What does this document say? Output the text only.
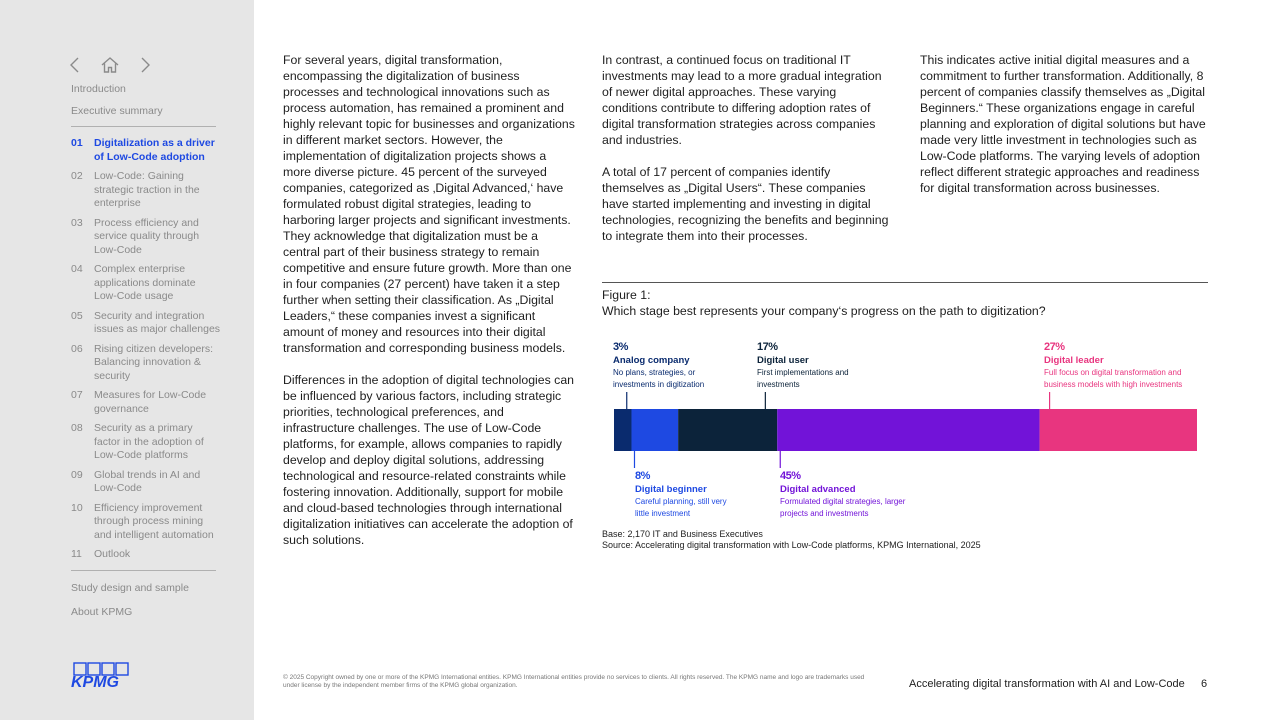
Introduction
Executive summary
01	Digitalization as a driver of Low-Code adoption
02	Low-Code: Gaining strategic traction in the enterprise
03	Process efficiency and service quality through Low-Code
04	Complex enterprise applications dominate Low-Code usage
05	Security and integration issues as major challenges
06	Rising citizen developers: Balancing innovation & security
07	Measures for Low-Code governance
08	Security as a primary factor in the adoption of Low-Code platforms
09	Global trends in AI and Low-Code
10	Efficiency improvement through process mining and intelligent automation
11	Outlook
Study design and sample
About KPMG
KPMG

For several years, digital transformation, encompassing the digitalization of business processes and technological innovations such as process automation, has remained a prominent and highly relevant topic for businesses and organizations in different market sectors. However, the implementation of digitalization projects shows a more diverse picture. 45 percent of the surveyed companies, categorized as ‚Digital Advanced,‘ have formulated robust digital strategies, leading to harboring larger projects and significant investments. They acknowledge that digitalization must be a central part of their business strategy to remain competitive and ensure future growth. More than one in four companies (27 percent) have taken it a step further when setting their classification. As „Digital Leaders,“ these companies invest a significant amount of money and resources into their digital transformation and corresponding business models.

Differences in the adoption of digital technologies can be influenced by various factors, including strategic priorities, technological preferences, and infrastructure challenges. The use of Low-Code platforms, for example, allows companies to rapidly develop and deploy digital solutions, addressing technological and resource-related constraints while fostering innovation. Additionally, support for mobile and cloud-based technologies through international digitalization initiatives can accelerate the adoption of such solutions.

In contrast, a continued focus on traditional IT investments may lead to a more gradual integration of newer digital approaches. These varying conditions contribute to differing adoption rates of digital transformation strategies across companies and industries.

A total of 17 percent of companies identify themselves as „Digital Users“. These companies have started implementing and investing in digital technologies, recognizing the benefits and beginning to integrate them into their processes.

This indicates active initial digital measures and a commitment to further transformation. Additionally, 8 percent of companies classify themselves as „Digital Beginners.“ These organizations engage in careful planning and exploration of digital solutions but have made very little investment in technologies such as Low-Code platforms. The varying levels of adoption reflect different strategic approaches and readiness for digital transformation across businesses.

Figure 1:
Which stage best represents your company‘s progress on the path to digitization?
3%
Analog company
No plans, strategies, or investments in digitization
17%
Digital user
First implementations and investments
27%
Digital leader
Full focus on digital transformation and business models with high investments
8%
Digital beginner
Careful planning, still very little investment
45%
Digital advanced
Formulated digital strategies, larger projects and investments
Base: 2,170 IT and Business Executives
Source: Accelerating digital transformation with Low-Code platforms, KPMG International, 2025
© 2025 Copyright owned by one or more of the KPMG International entities. KPMG International entities provide no services to clients. All rights reserved. The KPMG name and logo are trademarks used under license by the independent member firms of the KPMG global organization.	Accelerating digital transformation with AI and Low-Code 6
